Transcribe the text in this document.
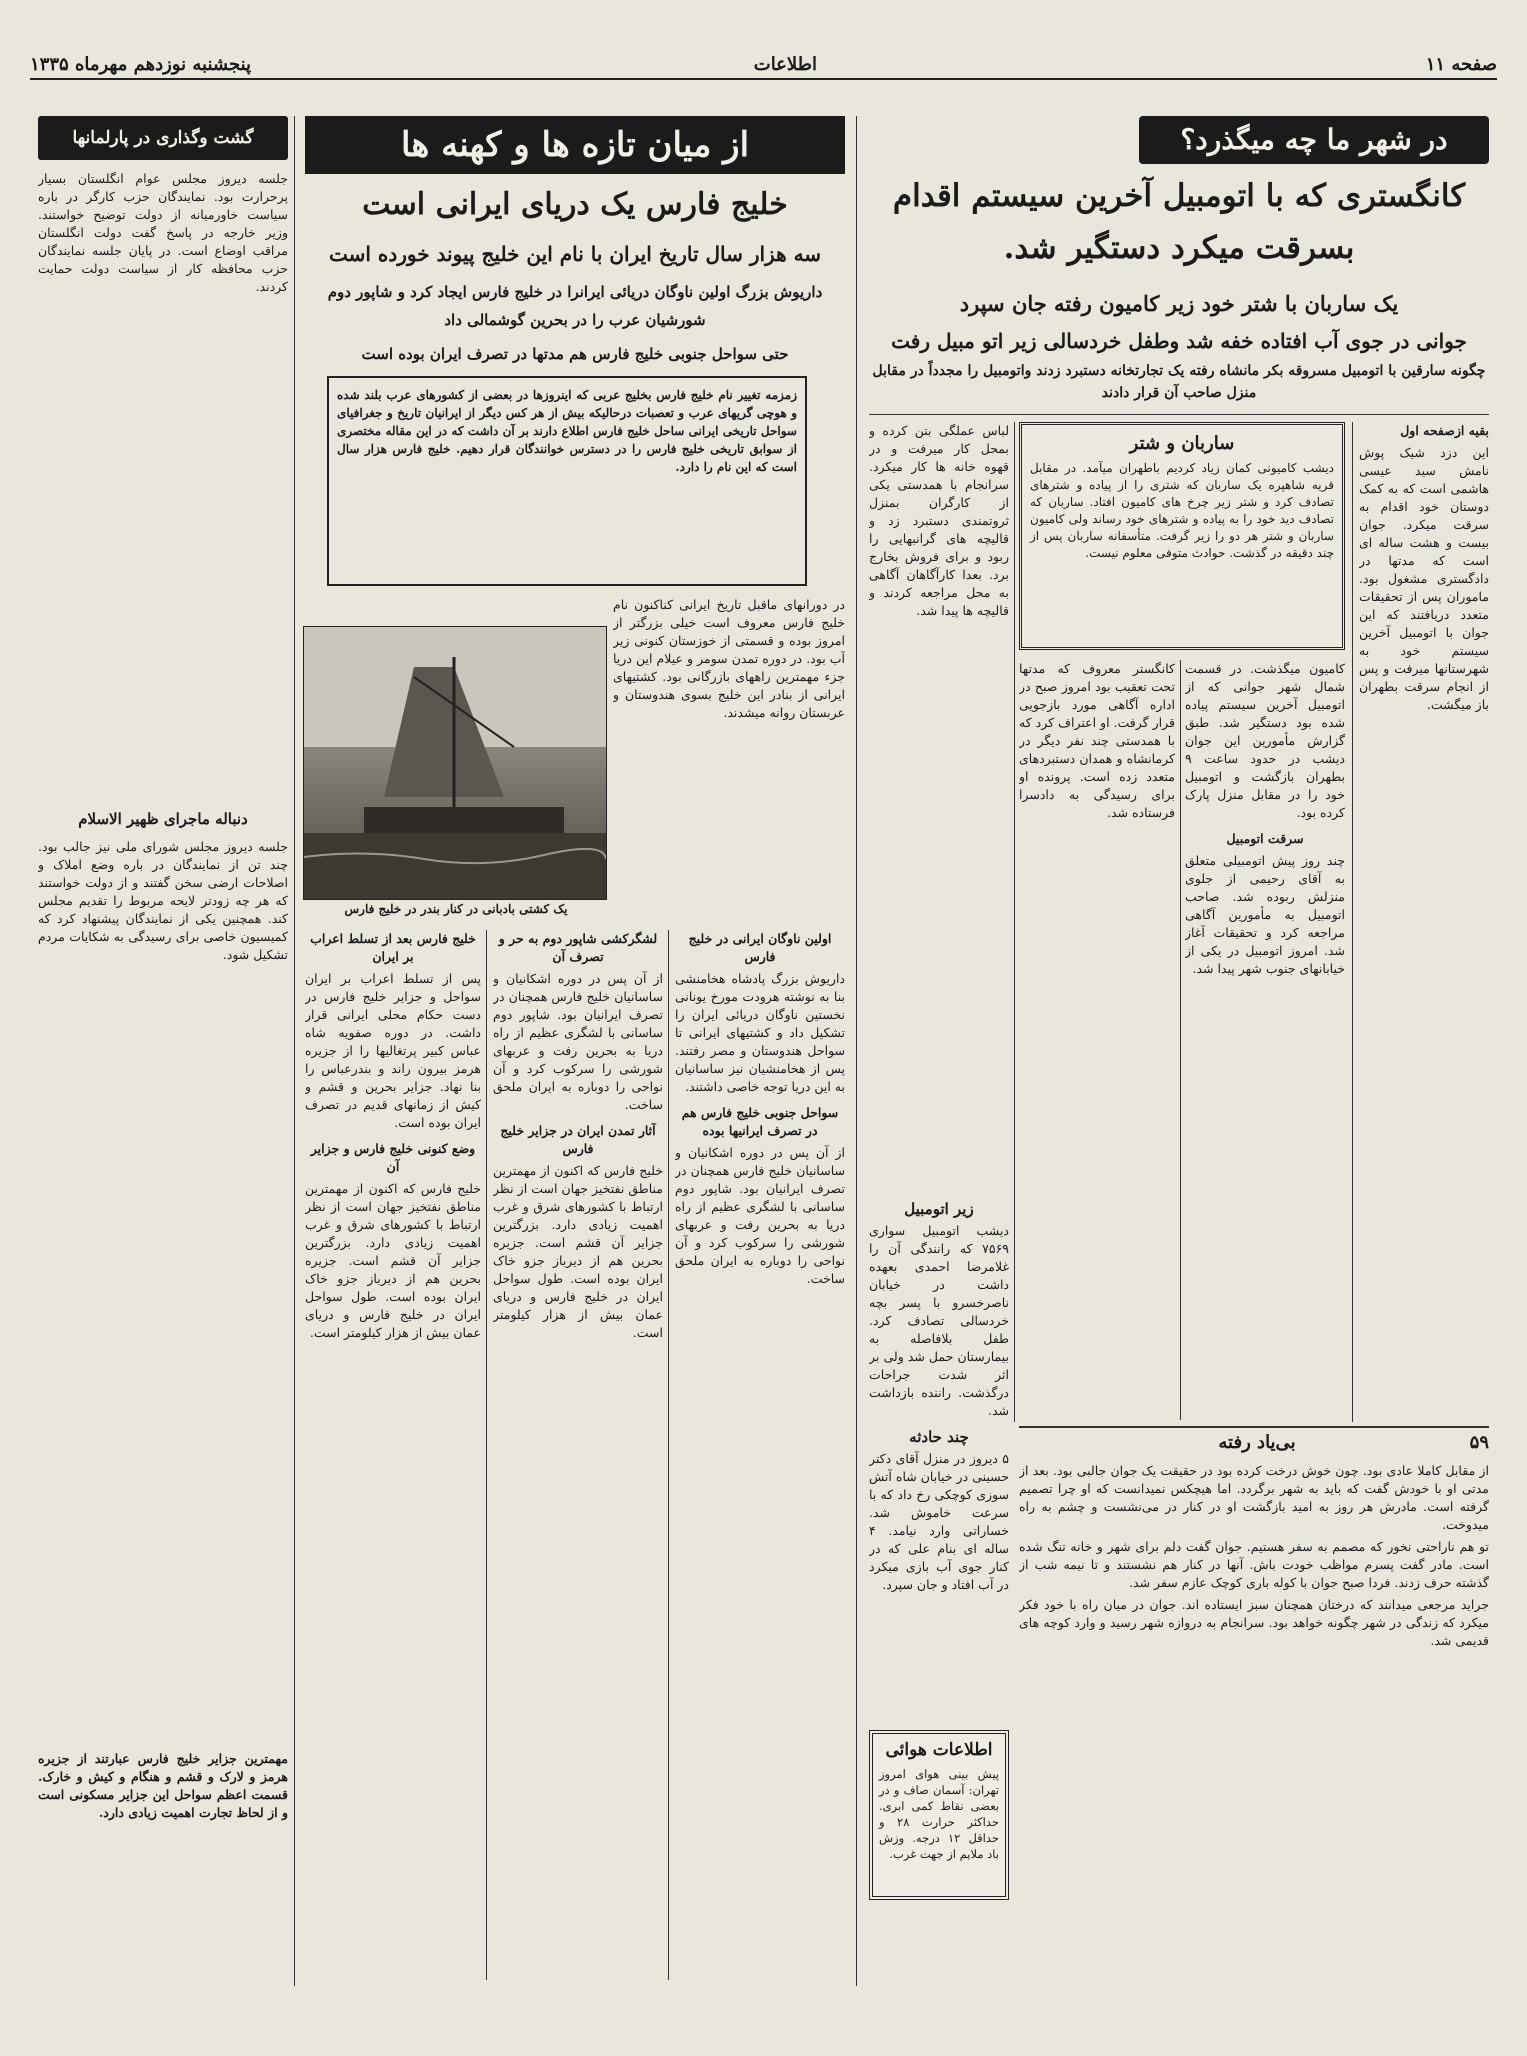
صفحه ۱۱
اطلاعات
پنجشنبه نوزدهم مهرماه ۱۳۳۵
در شهر ما چه میگذرد؟
کانگستری که با اتومبیل آخرین سیستم اقدام بسرقت میکرد دستگیر شد.
یک ساربان با شتر خود زیر کامیون رفته جان سپرد
جوانی در جوی آب افتاده خفه شد وطفل خردسالی زیر اتو مبیل رفت
چگونه سارقین با اتومبیل مسروقه بکر مانشاه رفته یک تجارتخانه دستبرد زدند واتومبیل را مجدداً در مقابل منزل صاحب آن قرار دادند

بقیه ازصفحه اول

این دزد شیک پوش نامش سید عیسی هاشمی است که به کمک دوستان خود اقدام به سرقت میکرد. جوان بیست و هشت ساله ای است که مدتها در دادگستری مشغول بود. ماموران پس از تحقیقات متعدد دریافتند که این جوان با اتومبیل آخرین سیستم خود به شهرستانها میرفت و پس از انجام سرقت بطهران باز میگشت.

ساربان و شتر
دیشب کامیونی کمان زیاد کردیم باطهران میآمد. در مقابل قریه شاهپره یک ساربان که شتری را از پیاده و شترهای تصادف کرد و شتر زیر چرخ های کامیون افتاد. ساربان که تصادف دید خود را به پیاده و شترهای خود رساند ولی کامیون ساربان و شتر هر دو را زیر گرفت. متأسفانه ساربان پس از چند دقیقه در گذشت. حوادث متوفی معلوم نیست.

لباس عملگی بتن کرده و بمحل کار میرفت و در قهوه خانه ها کار میکرد. سرانجام با همدستی یکی از کارگران بمنزل ثروتمندی دستبرد زد و قالیچه های گرانبهایی را ربود و برای فروش بخارج برد. بعدا کارآگاهان آگاهی به محل مراجعه کردند و قالیچه ها پیدا شد.

کامیون میگذشت. در قسمت شمال شهر جوانی که از اتومبیل آخرین سیستم پیاده شده بود دستگیر شد. طبق گزارش مأمورین این جوان دیشب در حدود ساعت ۹ بطهران بازگشت و اتومبیل خود را در مقابل منزل پارک کرده بود.

سرقت اتومبیل

چند روز پیش اتومبیلی متعلق به آقای رحیمی از جلوی منزلش ربوده شد. صاحب اتومبیل به مأمورین آگاهی مراجعه کرد و تحقیقات آغاز شد. امروز اتومبیل در یکی از خیابانهای جنوب شهر پیدا شد.

کانگستر معروف که مدتها تحت تعقیب بود امروز صبح در اداره آگاهی مورد بازجویی قرار گرفت. او اعتراف کرد که با همدستی چند نفر دیگر در کرمانشاه و همدان دستبردهای متعدد زده است. پرونده او برای رسیدگی به دادسرا فرستاده شد.

زیر اتومبیل

دیشب اتومبیل سواری ۷۵۶۹ که رانندگی آن را غلامرضا احمدی بعهده داشت در خیابان ناصرخسرو با پسر بچه خردسالی تصادف کرد. طفل بلافاصله به بیمارستان حمل شد ولی بر اثر شدت جراحات درگذشت. راننده بازداشت شد.

چند حادثه

۵ دیروز در منزل آقای دکتر حسینی در خیابان شاه آتش سوزی کوچکی رخ داد که با سرعت خاموش شد. خساراتی وارد نیامد. ۴ ساله ای بنام علی که در کنار جوی آب بازی میکرد در آب افتاد و جان سپرد.

۵۹
بی‌یاد رفته

از مقابل کاملا عادی بود. چون خوش درخت کرده بود در حقیقت یک جوان جالبی بود. بعد از مدتی او با خودش گفت که باید به شهر برگردد. اما هیچکس نمیدانست که او چرا تصمیم گرفته است. مادرش هر روز به امید بازگشت او در کنار در می‌نشست و چشم به راه میدوخت.

تو هم ناراحتی نخور که مصمم به سفر هستیم. جوان گفت دلم برای شهر و خانه تنگ شده است. مادر گفت پسرم مواظب خودت باش. آنها در کنار هم نشستند و تا نیمه شب از گذشته حرف زدند. فردا صبح جوان با کوله باری کوچک عازم سفر شد.

جراید مرجعی میدانند که درختان همچنان سبز ایستاده اند. جوان در میان راه با خود فکر میکرد که زندگی در شهر چگونه خواهد بود. سرانجام به دروازه شهر رسید و وارد کوچه های قدیمی شد.

اطلاعات هوائی
پیش بینی هوای امروز تهران: آسمان صاف و در بعضی نقاط کمی ابری. حداکثر حرارت ۲۸ و حداقل ۱۲ درجه. وزش باد ملایم از جهت غرب.
از میان تازه ها و کهنه ها
خلیج فارس یک دریای ایرانی است
سه هزار سال تاریخ ایران با نام این خلیج پیوند خورده است
داریوش بزرگ اولین ناوگان دریائی ایرانرا در خلیج فارس ایجاد کرد و شاپور دوم شورشیان عرب را در بحرین گوشمالی داد
حتی سواحل جنوبی خلیج فارس هم مدتها در تصرف ایران بوده است
زمزمه تغییر نام خلیج فارس بخلیج عربی که اینروزها در بعضی از کشورهای عرب بلند شده و هوچی گریهای عرب و تعصبات درحالیکه بیش از هر کس دیگر از ایرانیان تاریخ و جغرافیای سواحل تاریخی ایرانی ساحل خلیج فارس اطلاع دارند بر آن داشت که در این مقاله مختصری از سوابق تاریخی خلیج فارس را در دسترس خوانندگان قرار دهیم. خلیج فارس هزار سال است که این نام را دارد.
یک کشتی بادبانی در کنار بندر در خلیج فارس

در دورانهای ماقبل تاریخ ایرانی کناکنون نام خلیج فارس معروف است خیلی بزرگتر از امروز بوده و قسمتی از خوزستان کنونی زیر آب بود. در دوره تمدن سومر و عیلام این دریا جزء مهمترین راههای بازرگانی بود. کشتیهای ایرانی از بنادر این خلیج بسوی هندوستان و عربستان روانه میشدند.

اولین ناوگان ایرانی در خلیج فارس

داریوش بزرگ پادشاه هخامنشی بنا به نوشته هرودت مورخ یونانی نخستین ناوگان دریائی ایران را تشکیل داد و کشتیهای ایرانی تا سواحل هندوستان و مصر رفتند. پس از هخامنشیان نیز ساسانیان به این دریا توجه خاصی داشتند.

سواحل جنوبی خلیج فارس هم در تصرف ایرانیها بوده

از آن پس در دوره اشکانیان و ساسانیان خلیج فارس همچنان در تصرف ایرانیان بود. شاپور دوم ساسانی با لشگری عظیم از راه دریا به بحرین رفت و عربهای شورشی را سرکوب کرد و آن نواحی را دوباره به ایران ملحق ساخت.

لشگرکشی شاپور دوم به حر و تصرف آن

از آن پس در دوره اشکانیان و ساسانیان خلیج فارس همچنان در تصرف ایرانیان بود. شاپور دوم ساسانی با لشگری عظیم از راه دریا به بحرین رفت و عربهای شورشی را سرکوب کرد و آن نواحی را دوباره به ایران ملحق ساخت.

آثار تمدن ایران در جزایر خلیج فارس

خلیج فارس که اکنون از مهمترین مناطق نفتخیز جهان است از نظر ارتباط با کشورهای شرق و غرب اهمیت زیادی دارد. بزرگترین جزایر آن قشم است. جزیره بحرین هم از دیرباز جزو خاک ایران بوده است. طول سواحل ایران در خلیج فارس و دریای عمان بیش از هزار کیلومتر است.

خلیج فارس بعد از تسلط اعراب بر ایران

پس از تسلط اعراب بر ایران سواحل و جزایر خلیج فارس در دست حکام محلی ایرانی قرار داشت. در دوره صفویه شاه عباس کبیر پرتغالیها را از جزیره هرمز بیرون راند و بندرعباس را بنا نهاد. جزایر بحرین و قشم و کیش از زمانهای قدیم در تصرف ایران بوده است.

وضع کنونی خلیج فارس و جزایر آن

خلیج فارس که اکنون از مهمترین مناطق نفتخیز جهان است از نظر ارتباط با کشورهای شرق و غرب اهمیت زیادی دارد. بزرگترین جزایر آن قشم است. جزیره بحرین هم از دیرباز جزو خاک ایران بوده است. طول سواحل ایران در خلیج فارس و دریای عمان بیش از هزار کیلومتر است.

گشت وگذاری در پارلمانها

جلسه دیروز مجلس عوام انگلستان بسیار پرحرارت بود. نمایندگان حزب کارگر در باره سیاست خاورمیانه از دولت توضیح خواستند. وزیر خارجه در پاسخ گفت دولت انگلستان مراقب اوضاع است. در پایان جلسه نمایندگان حزب محافظه کار از سیاست دولت حمایت کردند.

دنباله ماجرای ظهیر الاسلام

جلسه دیروز مجلس شورای ملی نیز جالب بود. چند تن از نمایندگان در باره وضع املاک و اصلاحات ارضی سخن گفتند و از دولت خواستند که هر چه زودتر لایحه مربوط را تقدیم مجلس کند. همچنین یکی از نمایندگان پیشنهاد کرد که کمیسیون خاصی برای رسیدگی به شکایات مردم تشکیل شود.

مهمترین جزایر خلیج فارس عبارتند از جزیره هرمز و لارک و قشم و هنگام و کیش و خارک. قسمت اعظم سواحل این جزایر مسکونی است و از لحاظ تجارت اهمیت زیادی دارد.
